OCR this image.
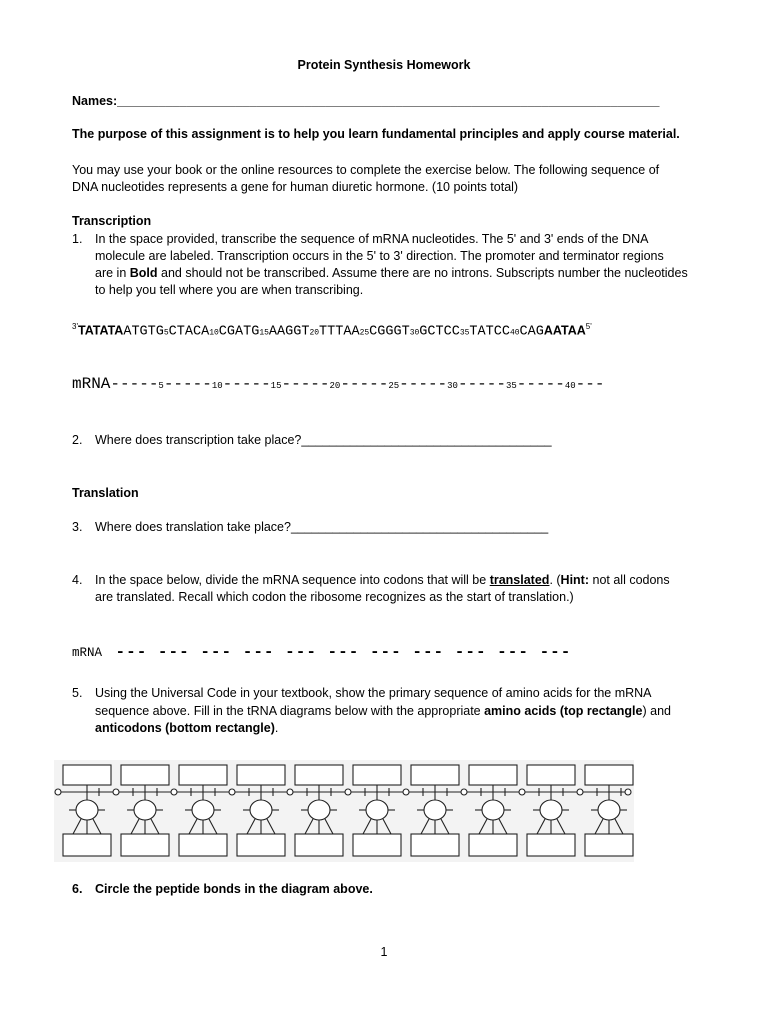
Protein Synthesis Homework
Names:______________________________________________________________________________
The purpose of this assignment is to help you learn fundamental principles and apply course material.
You may use your book or the online resources to complete the exercise below. The following sequence of
DNA nucleotides represents a gene for human diuretic hormone. (10 points total)
Transcription
1. In the space provided, transcribe the sequence of mRNA nucleotides. The 5' and 3' ends of the DNA
molecule are labeled. Transcription occurs in the 5' to 3' direction. The promoter and terminator regions
are in Bold and should not be transcribed. Assume there are no introns. Subscripts number the nucleotides
to help you tell where you are when transcribing.
$^{3'}TATATAATGTG5CTACA10CGATG15AAGGT20TTTAA25CGGGT30GCTCC35TATCC40CAGAATAA^{5'}$
mRNA-----5-----10-----15-----20-----25-----30-----35-----40---
2. Where does transcription take place?____________________________________
Translation
3. Where does translation take place?_____________________________________
4. In the space below, divide the mRNA sequence into codons that will be translated. (Hint: not all codons
are translated. Recall which codon the ribosome recognizes as the start of translation.)
mRNA --- --- --- --- --- --- --- --- --- --- ---
5. Using the Universal Code in your textbook, show the primary sequence of amino acids for the mRNA
sequence above. Fill in the tRNA diagrams below with the appropriate amino acids (top rectangle) and
anticodons (bottom rectangle).
6. Circle the peptide bonds in the diagram above.
1
